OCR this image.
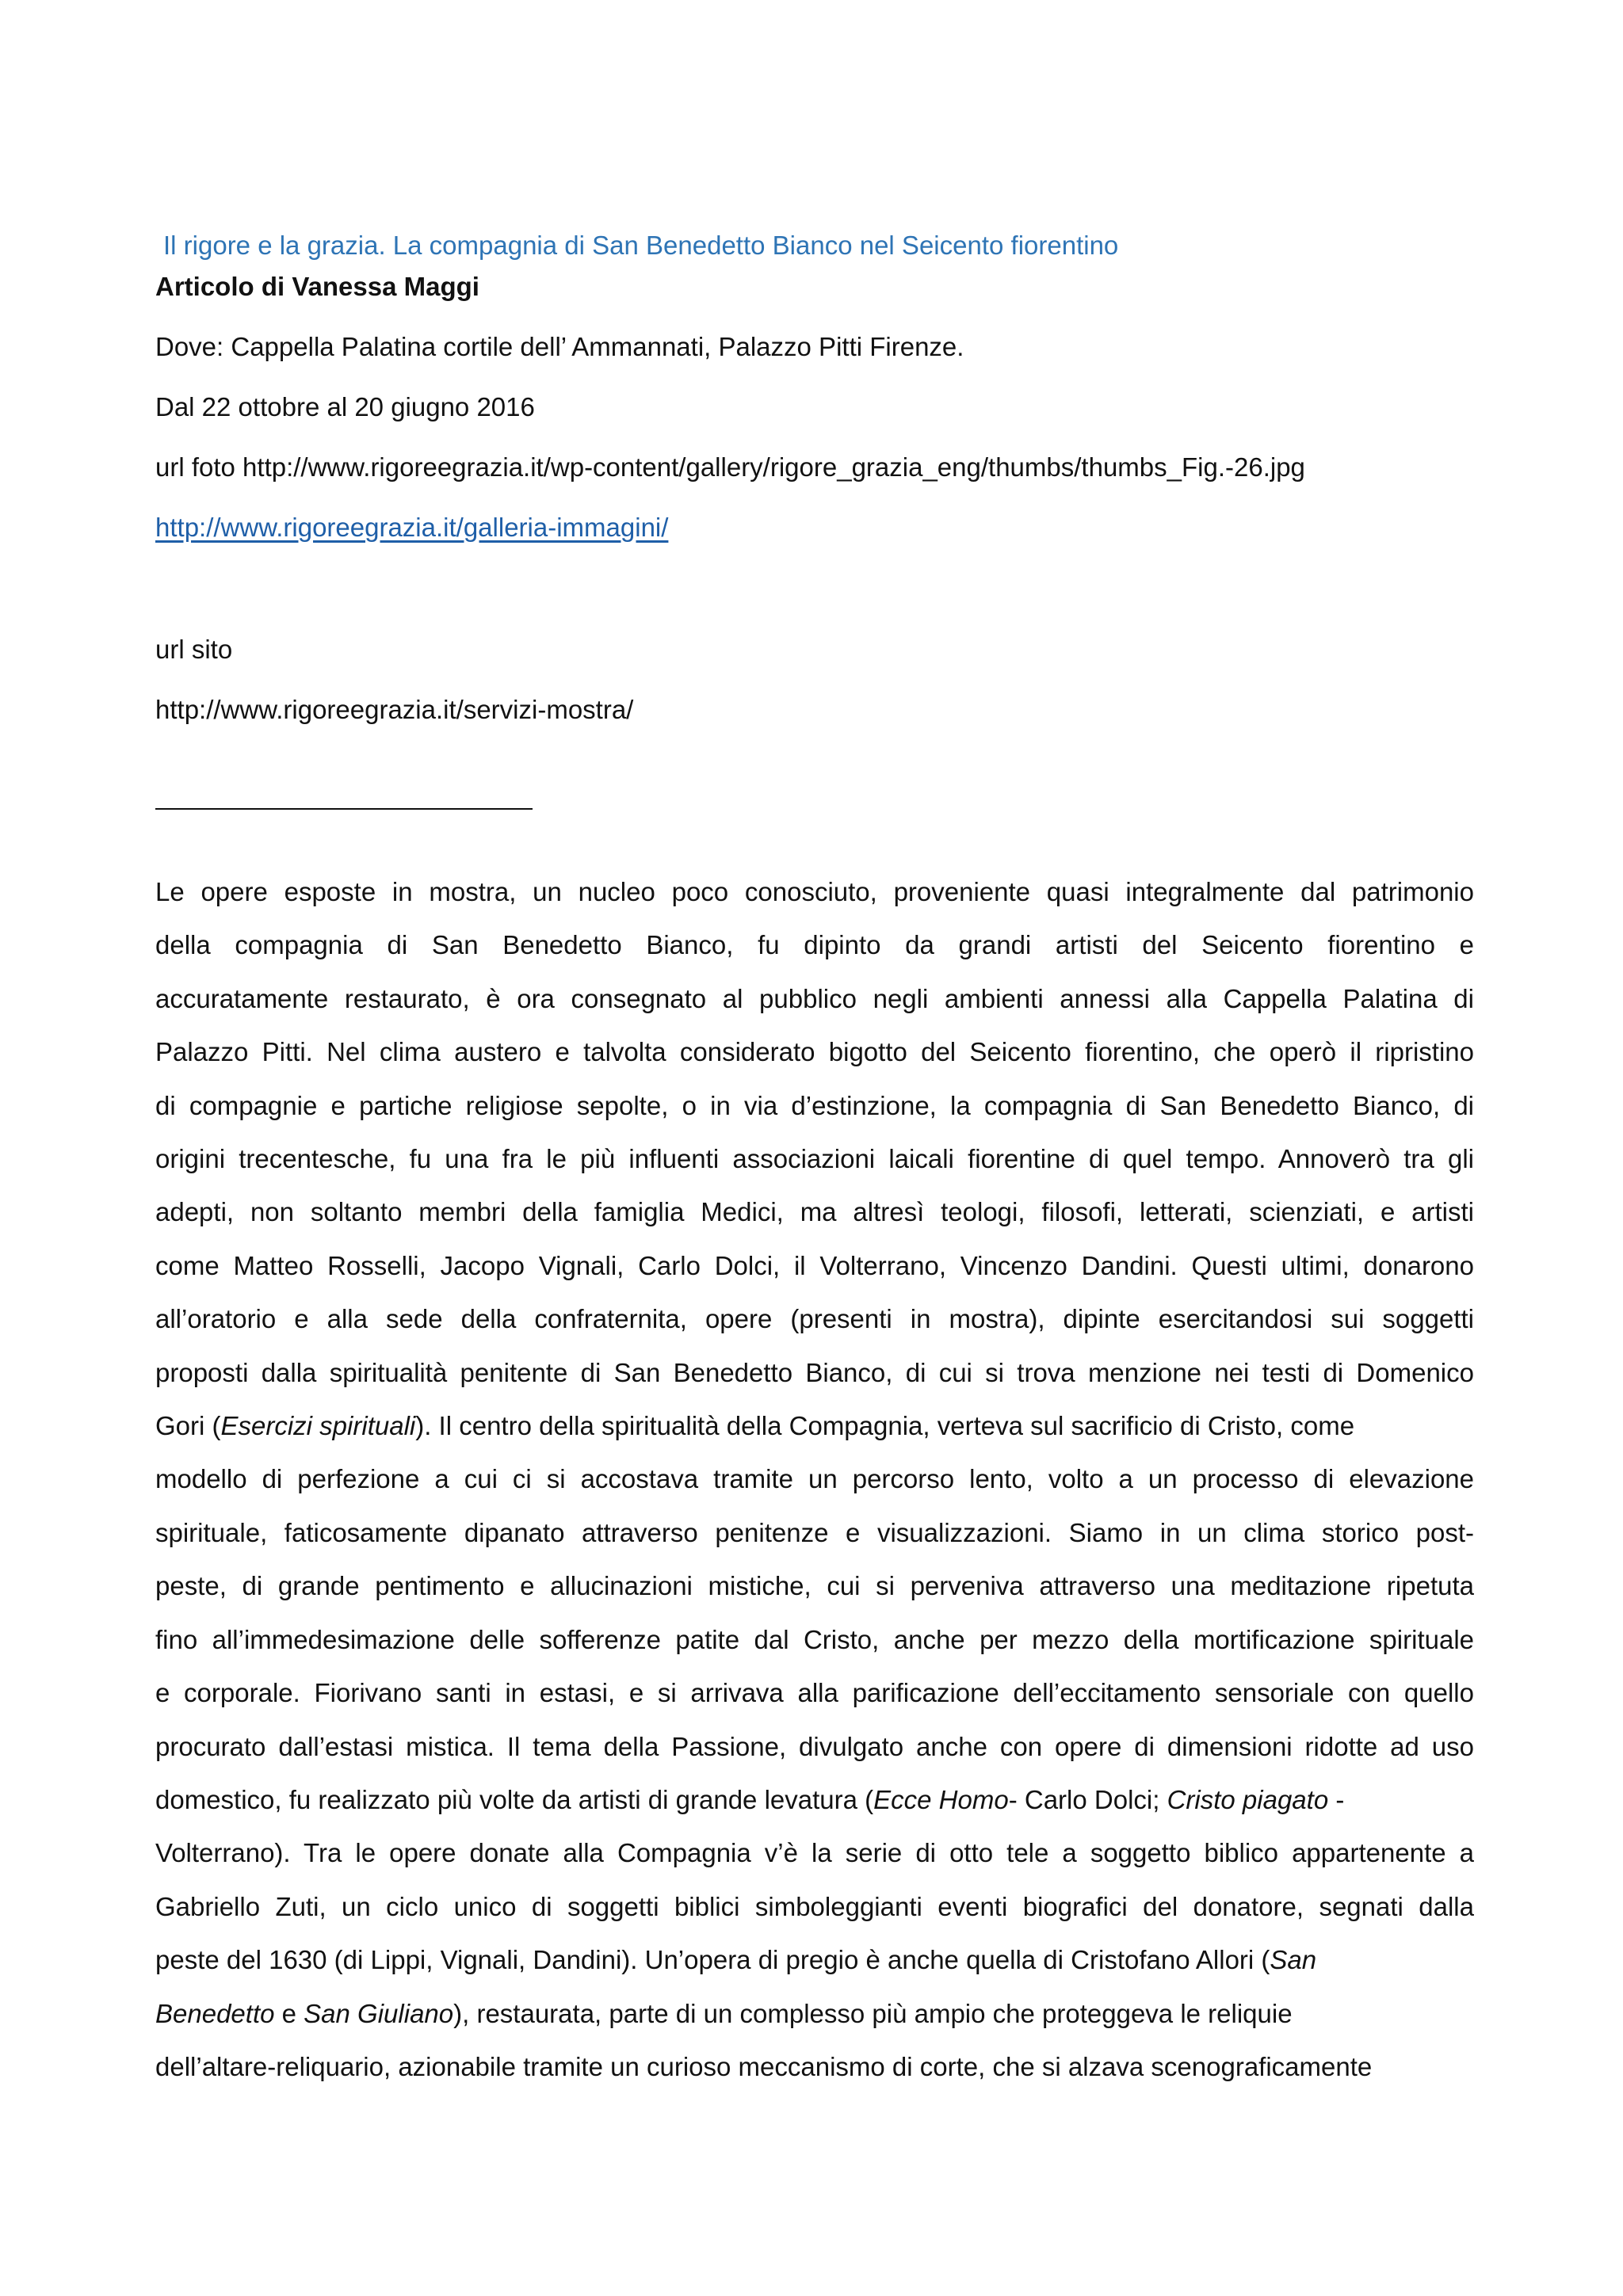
Il rigore e la grazia. La compagnia di San Benedetto Bianco nel Seicento fiorentino
Articolo di Vanessa Maggi
Dove: Cappella Palatina cortile dell’ Ammannati, Palazzo Pitti Firenze.
Dal 22 ottobre al 20 giugno 2016
url foto http://www.rigoreegrazia.it/wp-content/gallery/rigore_grazia_eng/thumbs/thumbs_Fig.-26.jpg
http://www.rigoreegrazia.it/galleria-immagini/
url sito
http://www.rigoreegrazia.it/servizi-mostra/
Le opere esposte in mostra, un nucleo poco conosciuto, proveniente quasi integralmente dal patrimonio
della compagnia di San Benedetto Bianco, fu dipinto da grandi artisti del Seicento fiorentino e
accuratamente restaurato, è ora consegnato al pubblico negli ambienti annessi alla Cappella Palatina di
Palazzo Pitti. Nel clima austero e talvolta considerato bigotto del Seicento fiorentino, che operò il ripristino
di compagnie e partiche religiose sepolte, o in via d’estinzione, la compagnia di San Benedetto Bianco, di
origini trecentesche, fu una fra le più influenti associazioni laicali fiorentine di quel tempo. Annoverò tra gli
adepti, non soltanto membri della famiglia Medici, ma altresì teologi, filosofi, letterati, scienziati, e artisti
come Matteo Rosselli, Jacopo Vignali, Carlo Dolci, il Volterrano, Vincenzo Dandini. Questi ultimi, donarono
all’oratorio e alla sede della confraternita, opere (presenti in mostra), dipinte esercitandosi sui soggetti
proposti dalla spiritualità penitente di San Benedetto Bianco, di cui si trova menzione nei testi di Domenico
Gori (Esercizi spirituali). Il centro della spiritualità della Compagnia, verteva sul sacrificio di Cristo, come
modello di perfezione a cui ci si accostava tramite un percorso lento, volto a un processo di elevazione
spirituale, faticosamente dipanato attraverso penitenze e visualizzazioni. Siamo in un clima storico post-
peste, di grande pentimento e allucinazioni mistiche, cui si perveniva attraverso una meditazione ripetuta
fino all’immedesimazione delle sofferenze patite dal Cristo, anche per mezzo della mortificazione spirituale
e corporale. Fiorivano santi in estasi, e si arrivava alla parificazione dell’eccitamento sensoriale con quello
procurato dall’estasi mistica. Il tema della Passione, divulgato anche con opere di dimensioni ridotte ad uso
domestico, fu realizzato più volte da artisti di grande levatura (Ecce Homo- Carlo Dolci; Cristo piagato -
Volterrano). Tra le opere donate alla Compagnia v’è la serie di otto tele a soggetto biblico appartenente a
Gabriello Zuti, un ciclo unico di soggetti biblici simboleggianti eventi biografici del donatore, segnati dalla
peste del 1630 (di Lippi, Vignali, Dandini). Un’opera di pregio è anche quella di Cristofano Allori (San
Benedetto e San Giuliano), restaurata, parte di un complesso più ampio che proteggeva le reliquie
dell’altare-reliquario, azionabile tramite un curioso meccanismo di corte, che si alzava scenograficamente
